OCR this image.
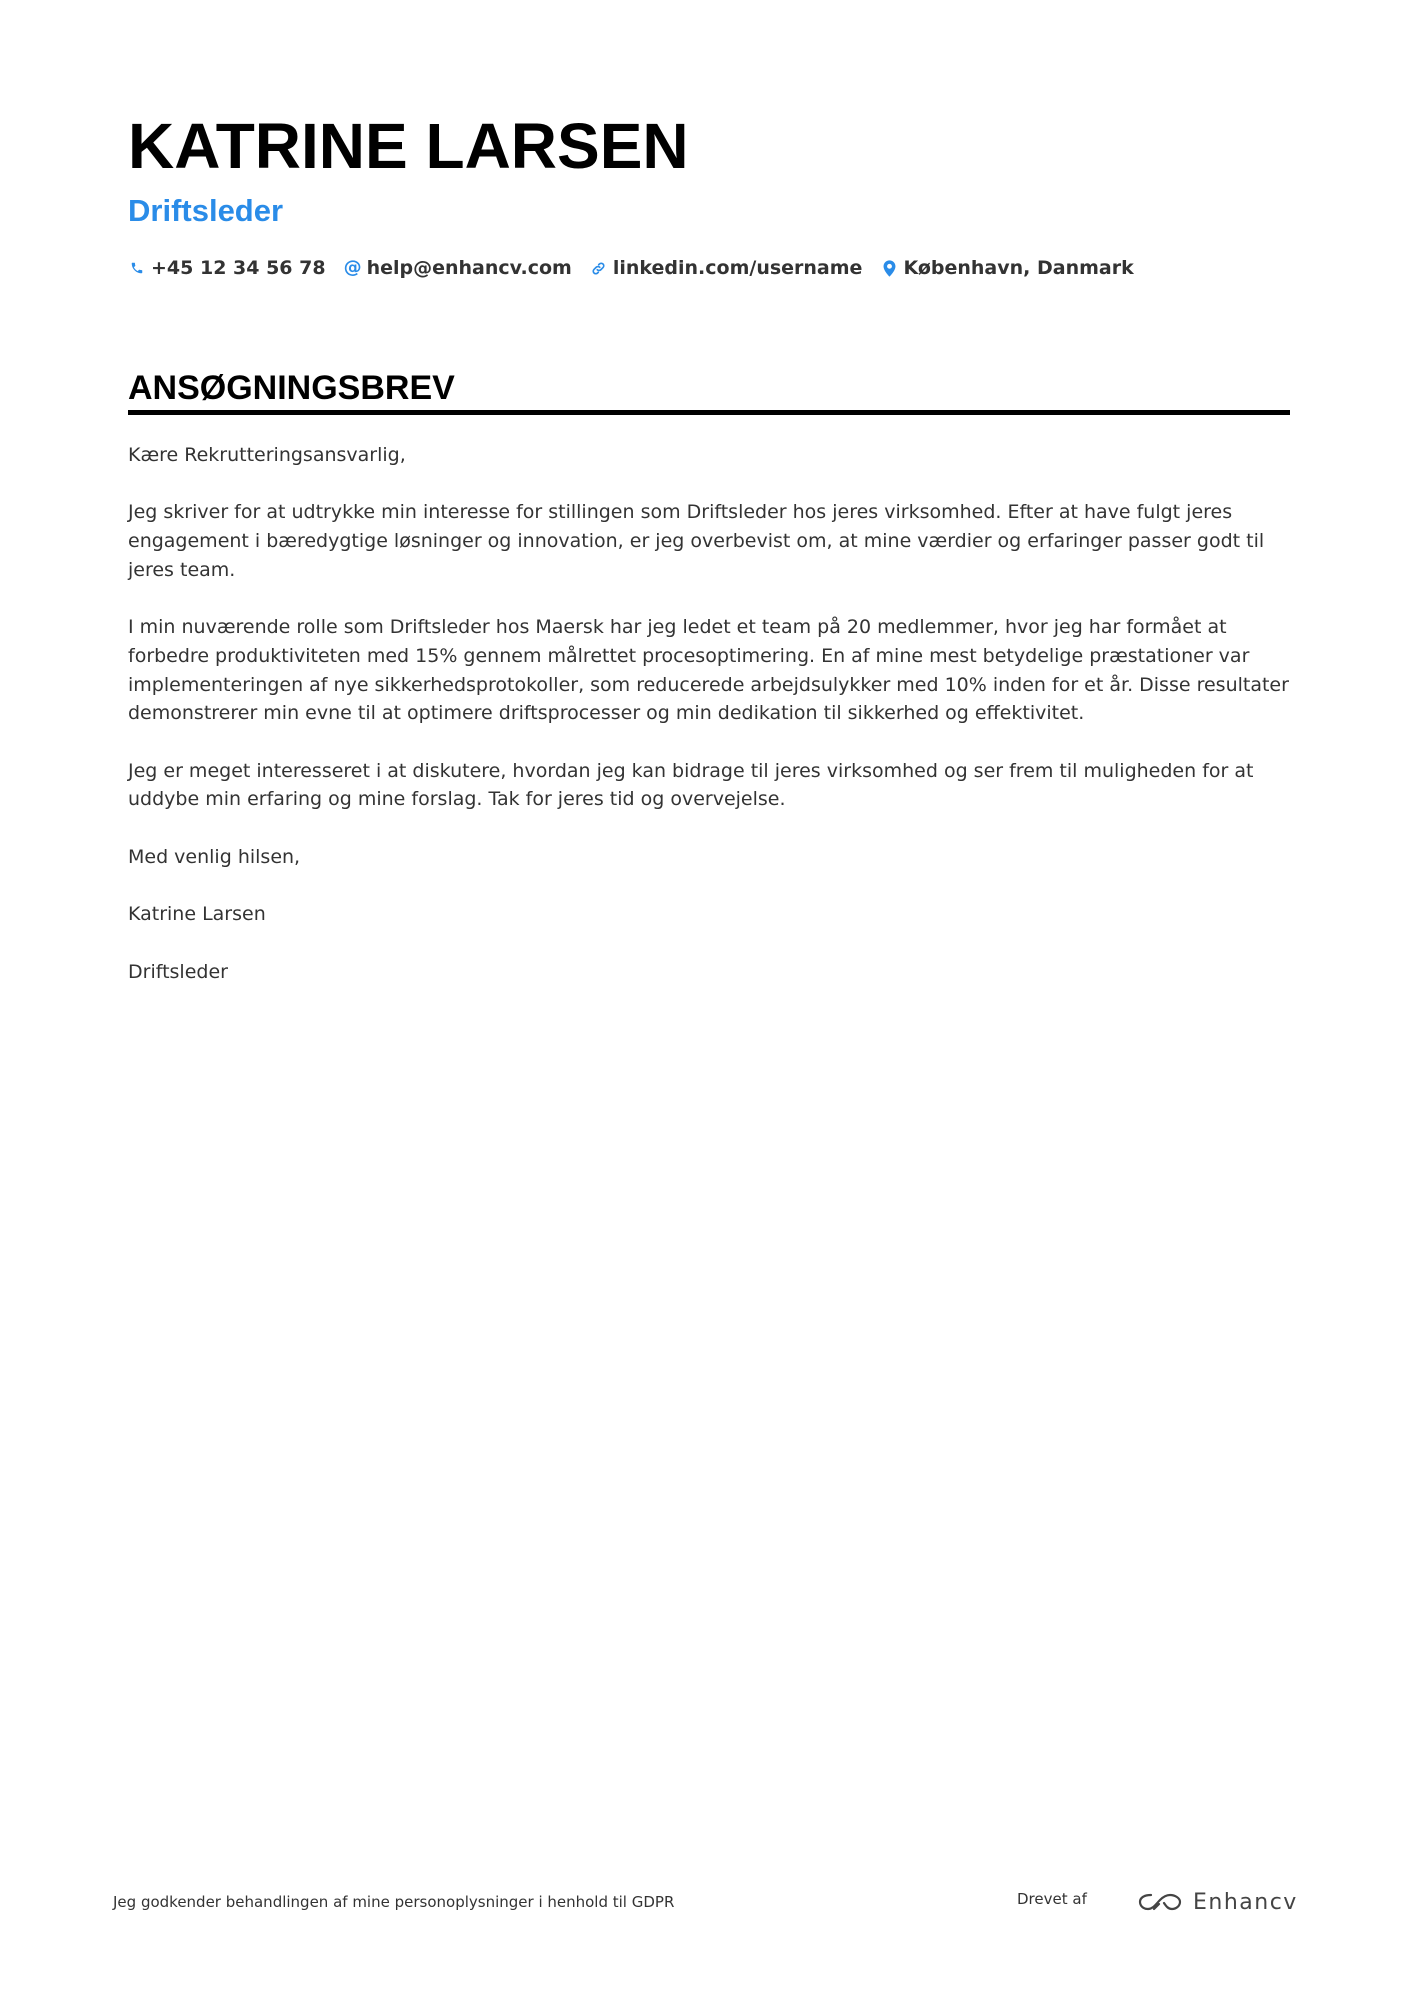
KATRINE LARSEN
Driftsleder
+45 12 34 56 78 @ help@enhancv.com linkedin.com/username København, Danmark
ANSØGNINGSBREV

Kære Rekrutteringsansvarlig,

Jeg skriver for at udtrykke min interesse for stillingen som Driftsleder hos jeres virksomhed. Efter at have fulgt jeres engagement i bæredygtige løsninger og innovation, er jeg overbevist om, at mine værdier og erfaringer passer godt til jeres team.

I min nuværende rolle som Driftsleder hos Maersk har jeg ledet et team på 20 medlemmer, hvor jeg har formået at forbedre produktiviteten med 15% gennem målrettet procesoptimering. En af mine mest betydelige præstationer var implementeringen af nye sikkerhedsprotokoller, som reducerede arbejdsulykker med 10% inden for et år. Disse resultater demonstrerer min evne til at optimere driftsprocesser og min dedikation til sikkerhed og effektivitet.

Jeg er meget interesseret i at diskutere, hvordan jeg kan bidrage til jeres virksomhed og ser frem til muligheden for at uddybe min erfaring og mine forslag. Tak for jeres tid og overvejelse.

Med venlig hilsen,

Katrine Larsen

Driftsleder

Jeg godkender behandlingen af mine personoplysninger i henhold til GDPR	Drevet af	Enhancv
